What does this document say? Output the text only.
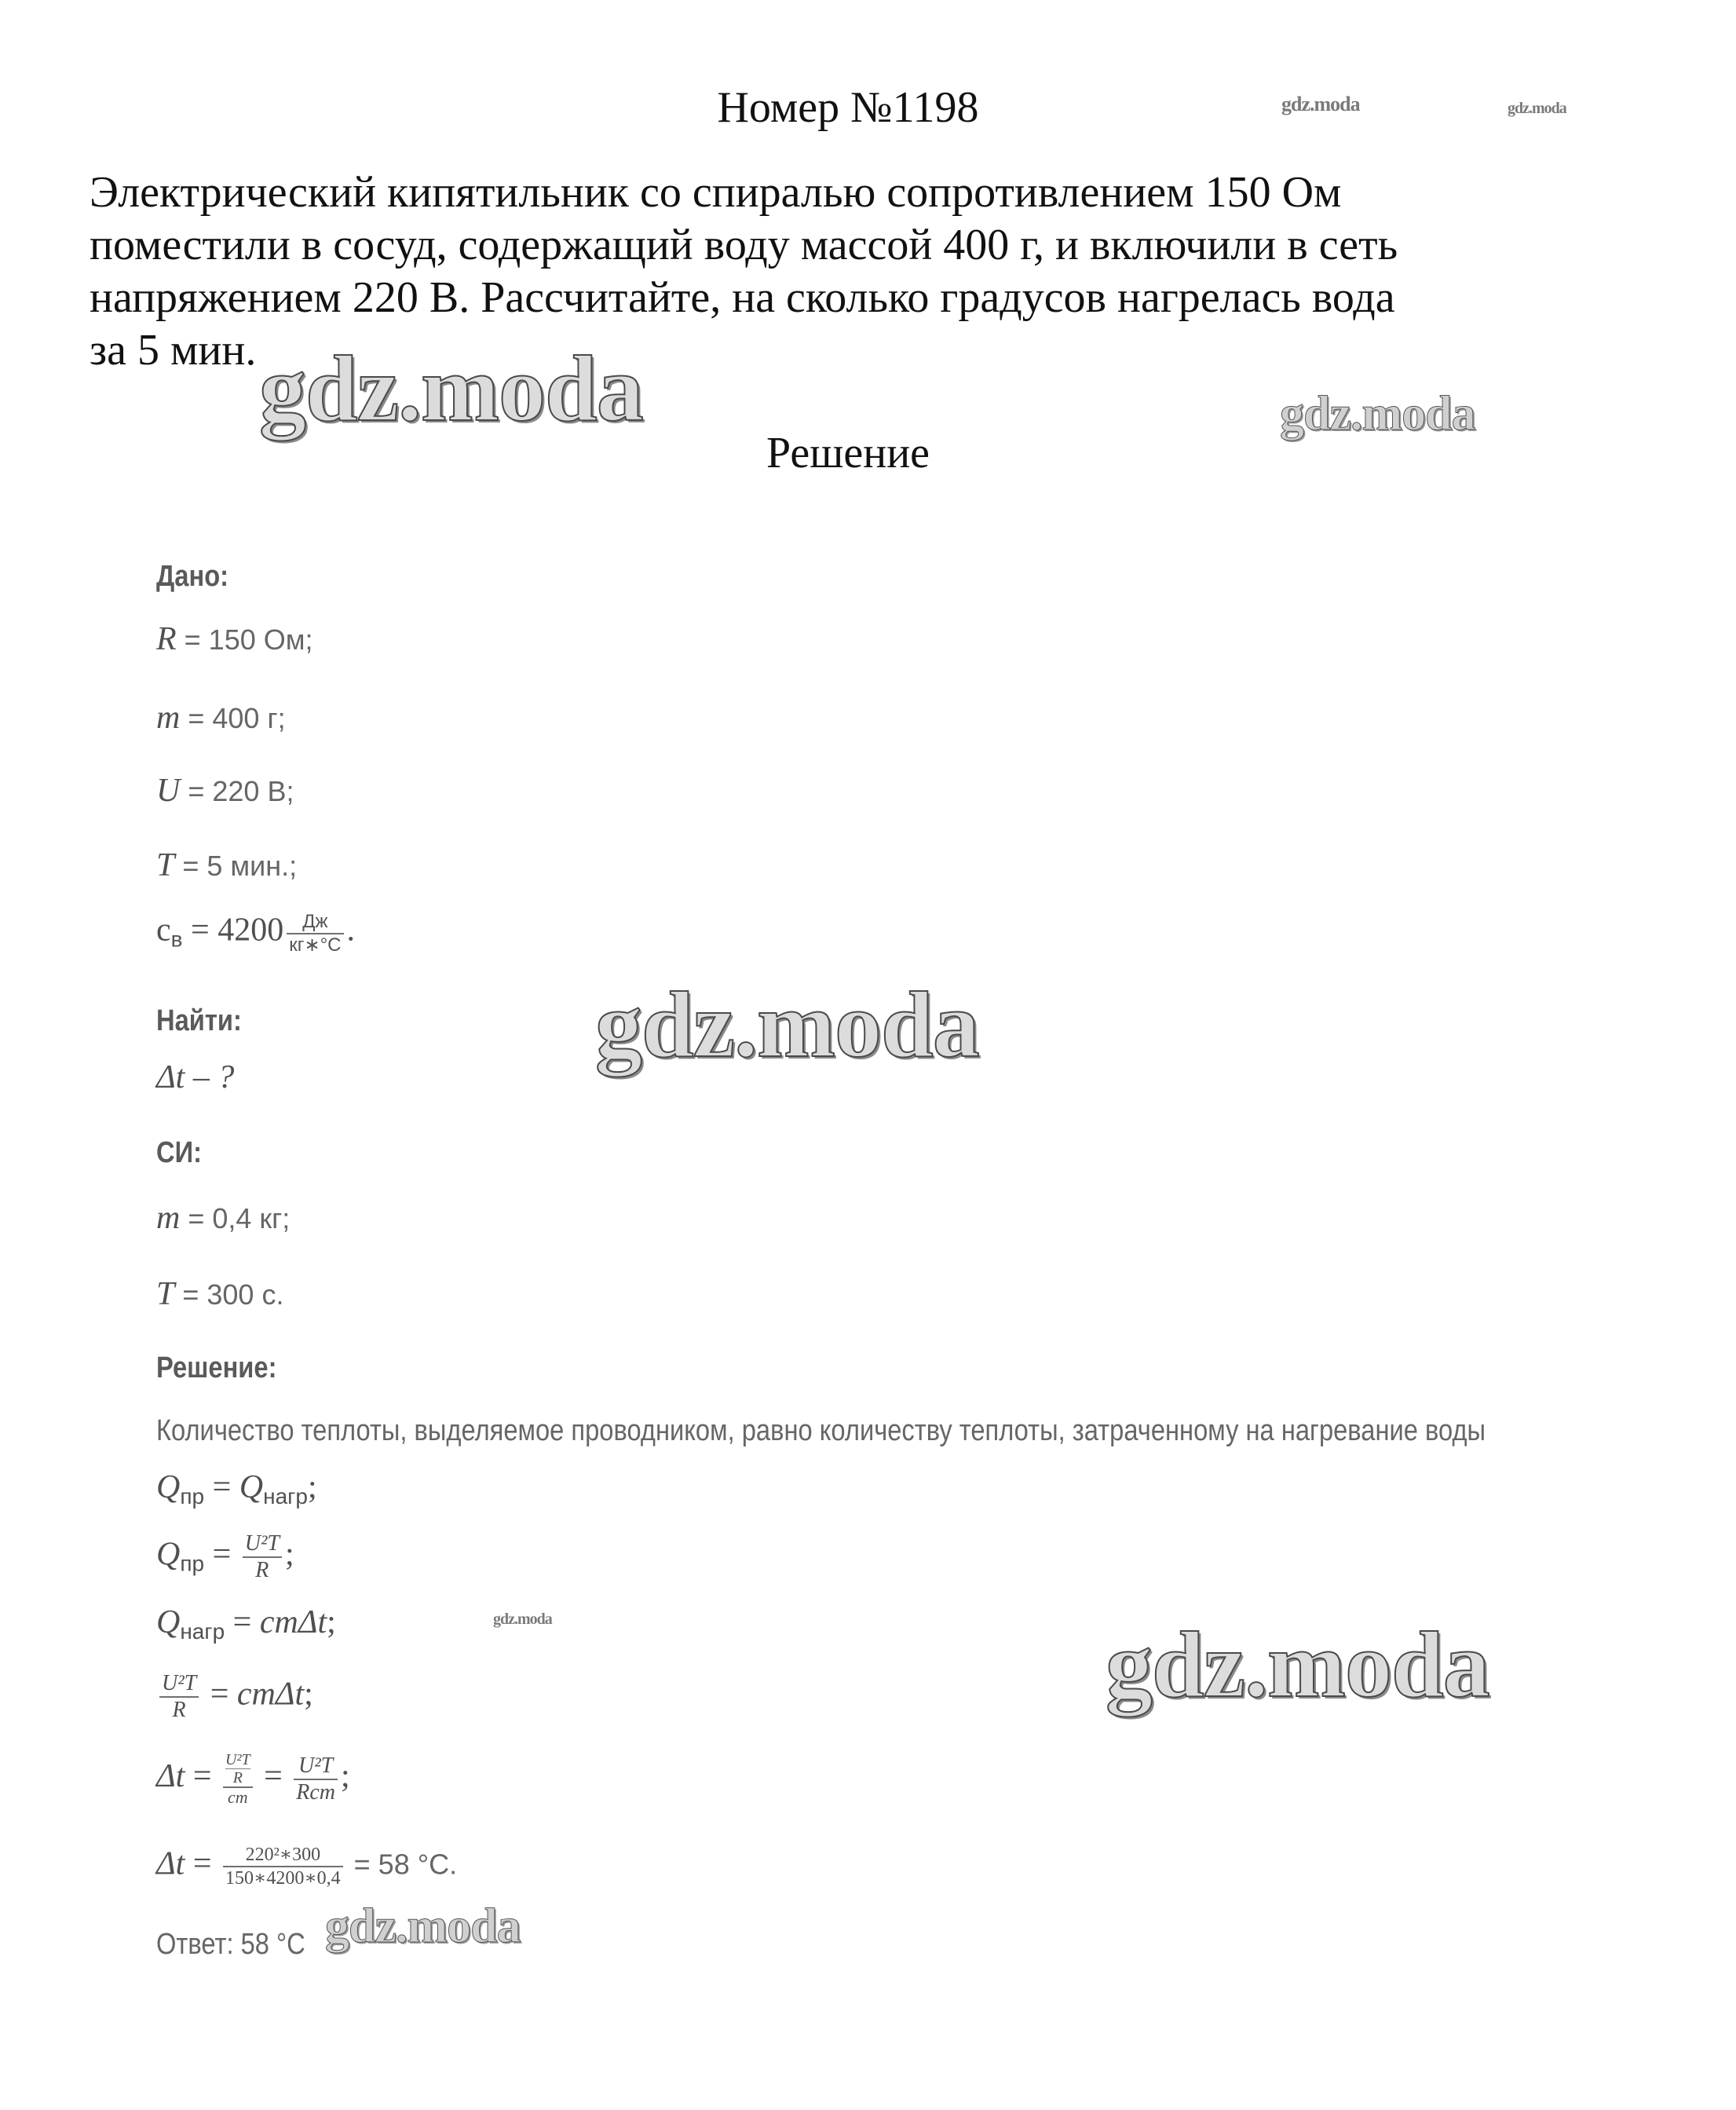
Номер №1198
Электрический кипятильник со спиралью сопротивлением 150 Ом
поместили в сосуд, содержащий воду массой 400 г, и включили в сеть
напряжением 220 В. Рассчитайте, на сколько градусов нагрелась вода
за 5 мин.
Решение
Дано:
R = 150 Ом;
m = 400 г;
U = 220 В;
T = 5 мин.;
$c_в = 4200 \frac{Дж}{кг∗^\circ С}$ .
Найти:
Δt – ?
СИ:
m = 0,4 кг;
T = 300 с.
Решение:
Количество теплоты, выделяемое проводником, равно количеству теплоты, затраченному на нагревание воды
$Q_{пр} = Q_{нагр}$;
$Q_{пр} = \frac{\text{U²T}}{R}$ ;
$Q_{нагр} = cm\Delta t$;
$\frac{\text{U²T}}{R} = cm\Delta t$;
$\Delta t = \frac{\frac{\text{U²T}}{R}}{cm} = \frac{\text{U²T}}{\text{Rcm}}$ ;
$\Delta t = \frac{\text{220²∗300}}{150∗4200∗0,4} = 58$ °С.
Ответ: 58 °С
gdz.moda	gdz.moda
gdz.moda	gdz.moda
gdz.moda
gdz.moda	gdz.moda
gdz.moda
